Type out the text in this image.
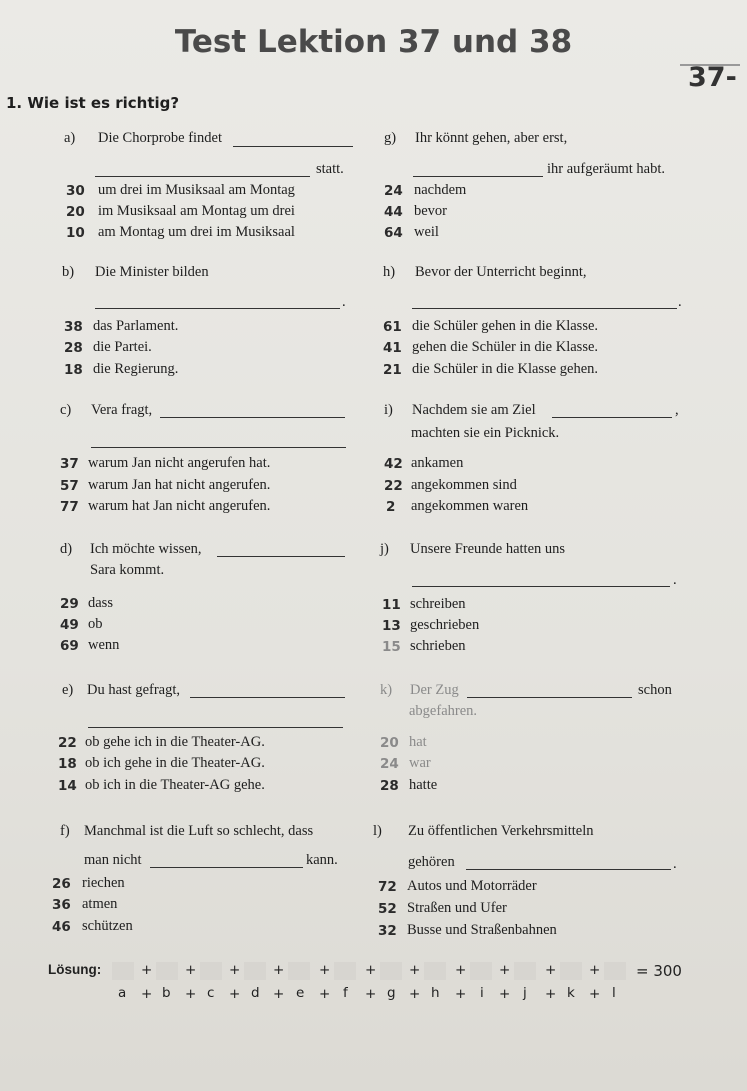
Test Lektion 37 und 38
37-
1. Wie ist es richtig?
a) Die Chorprobe findet
statt.
30 um drei im Musiksaal am Montag
20 im Musiksaal am Montag um drei
10 am Montag um drei im Musiksaal
g) Ihr könnt gehen, aber erst,
ihr aufgeräumt habt.
24 nachdem
44 bevor
64 weil
b) Die Minister bilden
.
38 das Parlament.
28 die Partei.
18 die Regierung.
h) Bevor der Unterricht beginnt,
.
61 die Schüler gehen in die Klasse.
41 gehen die Schüler in die Klasse.
21 die Schüler in die Klasse gehen.
c) Vera fragt,
37 warum Jan nicht angerufen hat.
57 warum Jan hat nicht angerufen.
77 warum hat Jan nicht angerufen.
i) Nachdem sie am Ziel	,
machten sie ein Picknick.
42 ankamen
22 angekommen sind
2 angekommen waren
d) Ich möchte wissen,
Sara kommt.
29 dass
49 ob
69 wenn
j) Unsere Freunde hatten uns
.
11 schreiben
13 geschrieben
15 schrieben
e) Du hast gefragt,
22 ob gehe ich in die Theater-AG.
18 ob ich gehe in die Theater-AG.
14 ob ich in die Theater-AG gehe.
k) Der Zug	schon
abgefahren.
20 hat
24 war
28 hatte
f) Manchmal ist die Luft so schlecht, dass
man nicht	kann.
26 riechen
36 atmen
46 schützen
l) Zu öffentlichen Verkehrsmitteln
gehören	.
72 Autos und Motorräder
52 Straßen und Ufer
32 Busse und Straßenbahnen
Lösung:	+ + + +	+	+ +	+ +	+ + = 300
a + b + c + d + e + f + g + h + i + j + k + l
